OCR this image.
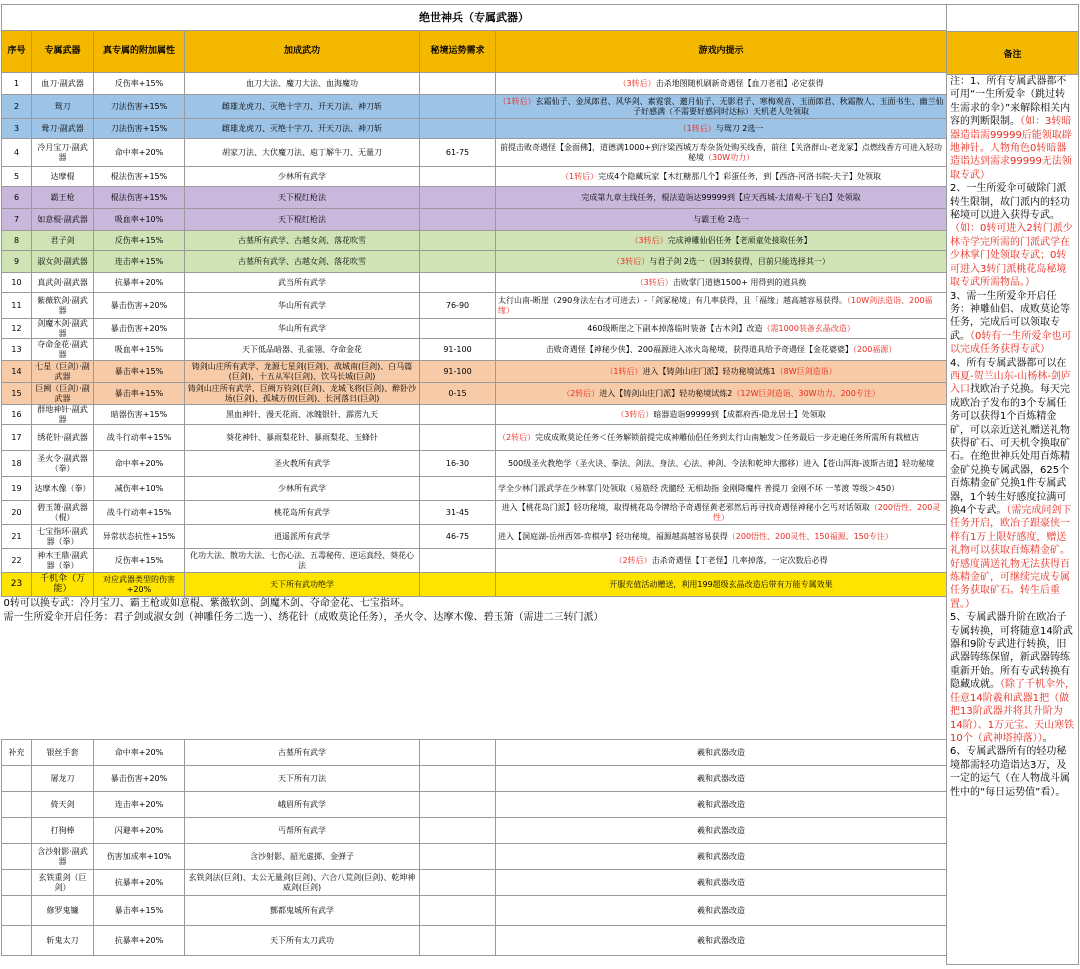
绝世神兵（专属武器）					
序号	专属武器	真专属的附加属性	加成武功	秘境运势需求	游戏内提示
1	血刀·副武器	反伤率+15%	血刀大法、魔刀大法、血海魔功		（3转后）击杀地图随机刷新奇遇怪【血刀老祖】必定获得
2	鸳刀	刀法伤害+15%	雌雄龙虎刀、灭绝十字刀、开天刀法、神刀斩		（1转后）玄霜仙子、金凤郎君、风华剑、素霓裳、邀月仙子、无影君子、寒梅观音、玉面郎君、秋霜散人、玉面书生、幽兰仙子好感满（不需要好感同时达标）天机老人处领取
3	鸯刀·副武器	刀法伤害+15%	雌雄龙虎刀、灭绝十字刀、开天刀法、神刀斩		（1转后）与鸳刀 2选一
4	冷月宝刀·副武器	命中率+20%	胡家刀法、大伏魔刀法、庖丁解牛刀、无量刀	61-75	前提击败奇遇怪【金面佛】，道德满1000+到汴梁西城万寿杂货处购买线香，前往【关洛群山-老龙冢】点燃线香方可进入轻功秘境（30W功力）
5	达摩棍	棍法伤害+15%	少林所有武学		（1转后）完成4个隐藏玩家【木红糖那几个】彩蛋任务，到【西洛-河洛书院-夫子】处领取
6	霸王枪	棍法伤害+15%	天下棍红枪法		完成第九章主线任务，棍法造诣达99999到【应天西城-太清观-于飞白】处领取
7	如意棍·副武器	吸血率+10%	天下棍红枪法		与霸王枪 2选一
8	君子剑	反伤率+15%	古墓所有武学、古越女剑、落花吹雪		（3转后）完成神雕仙侣任务【老顽童处接取任务】
9	淑女剑·副武器	连击率+15%	古墓所有武学、古越女剑、落花吹雪		（3转后）与君子剑 2选一（因3转获得，目前只能选择其一）
10	真武剑·副武器	抗暴率+20%	武当所有武学		（3转后）击败掌门道德1500+ 用得到的道具换
11	紫薇软剑·副武器	暴击伤害+20%	华山所有武学	76-90	太行山南-断崖（290身法左右才可进去）-「剑冢秘境」有几率获得，且「福缘」越高越容易获得。（10W剑法造诣、200福缘）
12	剑魔木剑·副武器	暴击伤害+20%	华山所有武学		460级断崖之下副本掉落临时装备【古木剑】改造（需1000装备玄晶改造）
13	夺命金花·副武器	吸血率+15%	天下低品暗器、孔雀翎、夺命金花	91-100	击败奇遇怪【神秘少侠】、200福源进入冰火岛秘境，获得道具给予奇遇怪【金花婆婆】（200福源）
14	七星（巨剑）·副武器	暴击率+15%	铸剑山庄所有武学、龙源七星剑(巨剑)、战城南(巨剑)、白马篇(巨剑)、十五从军(巨剑)、饮马长城(巨剑)	91-100	（1转后）进入【铸剑山庄门派】轻功秘境试炼1（8W巨剑造诣）
15	巨阙（巨剑）·副武器	暴击率+15%	铸剑山庄所有武学、巨阙万钧剑(巨剑)、龙城飞将(巨剑)、醉卧沙场(巨剑)、孤城万仞(巨剑)、长河落日(巨剑)	0-15	（2转后）进入【铸剑山庄门派】轻功秘境试炼2（12W巨剑造诣、30W功力、200专注）
16	群地神针·副武器	暗器伤害+15%	黑血神针、漫天花雨、冰魄银针、霹雳九天		（3转后）暗器造诣99999到【成都府西-隐龙居士】处领取
17	绣花针·副武器	战斗行动率+15%	葵花神针、暴雨梨花针、暴雨梨花、玉蜂针		（2转后）完成成败莫论任务＜任务解锁前提完成神雕仙侣任务到太行山南触发＞任务最后一步走遍任务所需所有栽植店
18	圣火令·副武器（拳）	命中率+20%	圣火教所有武学	16-30	500级圣火教绝学（圣火诀、拳法、剑法、身法、心法、神剑、令法和乾坤大挪移）进入【苍山洱海-波斯古道】轻功秘境
19	达摩木像（拳）	减伤率+10%	少林所有武学		学全少林门派武学在少林掌门处领取（易筋经 洗髓经 无相劫指 金刚降魔杵 普提刀 金刚不坏 一苇渡 等级＞450）
20	碧玉箫·副武器（棍）	战斗行动率+15%	桃花岛所有武学	31-45	进入【桃花岛门派】轻功秘境，取得桃花岛令牌给予奇遇怪黄老邪然后再寻找奇遇怪神秘小乞丐对话领取（200悟性、200灵性）
21	七宝指环·副武器（拳）	异常状态抗性+15%	逍遥派所有武学	46-75	进入【洞庭湖-岳州西郊-弈棋亭】轻功秘境，福源越高越容易获得（200悟性、200灵性、150福源、150专注）
22	神木王鼎·副武器（拳）	反伤率+15%	化功大法、散功大法、七伤心法、五毒秘传、逆运真经、葵花心法		（2转后）击杀奇遇怪【丁老怪】几率掉落，一定次数后必得
23	千机伞（万能）	对应武器类型的伤害+20%	天下所有武功绝学		开服充值活动赠送，利用199超级玄晶改造后带有万能专属效果
0转可以换专武：冷月宝刀、霸王枪或如意棍、紫薇软剑、剑魔木剑、夺命金花、七宝指环。					
需一生所爱伞开启任务：君子剑或淑女剑（神雕任务二选一）、绣花针（成败莫论任务），圣火令、达摩木像、碧玉箫（需进二三转门派）					

补充	银丝手套	命中率+20%	古墓所有武学		羲和武器改造
	屠龙刀	暴击伤害+20%	天下所有刀法		羲和武器改造
	倚天剑	连击率+20%	峨眉所有武学		羲和武器改造
	打狗棒	闪避率+20%	丐帮所有武学		羲和武器改造
	含沙射影·副武器	伤害加成率+10%	含沙射影、韶光虚掷、金弹子		羲和武器改造
	玄铁重剑（巨剑）	抗暴率+20%	玄铁剑法(巨剑)、太公无量剑(巨剑)、六合八荒剑(巨剑)、乾坤神威剑(巨剑)		羲和武器改造
	修罗鬼镰	暴击率+15%	酆都鬼城所有武学		羲和武器改造
	斩鬼太刀	抗暴率+20%	天下所有太刀武功		羲和武器改造
备注
注：1、所有专属武器都不可用“一生所爱伞（跳过转生需求的伞）”来解除相关内容的判断限制。（如：3转暗器造诣需99999后能领取辟地神针。人物角色0转暗器造诣达到需求99999无法领取专武）
2、一生所爱伞可破除门派转生限制，故门派内的轻功秘境可以进入获得专武。（如：0转可进入2转门派少林寺学完所需的门派武学在少林掌门处领取专武；0转可进入3转门派桃花岛秘境取专武所需物品。）
3、需一生所爱伞开启任务：神雕仙侣、成败莫论等任务，完成后可以领取专武。（0转有一生所爱伞也可以完成任务获得专武）
4、所有专属武器都可以在西夏-贺兰山东-山杨林-剑庐入口找欧冶子兑换。每天完成欧冶子发布的3个专属任务可以获得1个百炼精金矿，可以亲近送礼赠送礼物获得矿石、可天机令换取矿石。在绝世神兵处用百炼精金矿兑换专属武器，625个百炼精金矿兑换1件专属武器，1个转生好感度拉满可换4个专武。（需完成问剑下任务开启，欧冶子跟豪侠一样有1万上限好感度，赠送礼物可以获取百炼精金矿。好感度满送礼物无法获得百炼精金矿，可继续完成专属任务获取矿石。转生后重置。）
5、专属武器升阶在欧冶子专属转换，可将随意14阶武器和9阶专武进行转换，旧武器铸练保留，新武器铸练重新开始。所有专武转换有隐藏成就。（除了千机伞外，任意14阶羲和武器1把（做把13阶武器并将其升阶为14阶）、1万元宝、天山寒铁10个（武神塔掉落））。
6、专属武器所有的轻功秘境都需轻功造诣达3万，及一定的运气（在人物战斗属性中的“每日运势值”看）。
